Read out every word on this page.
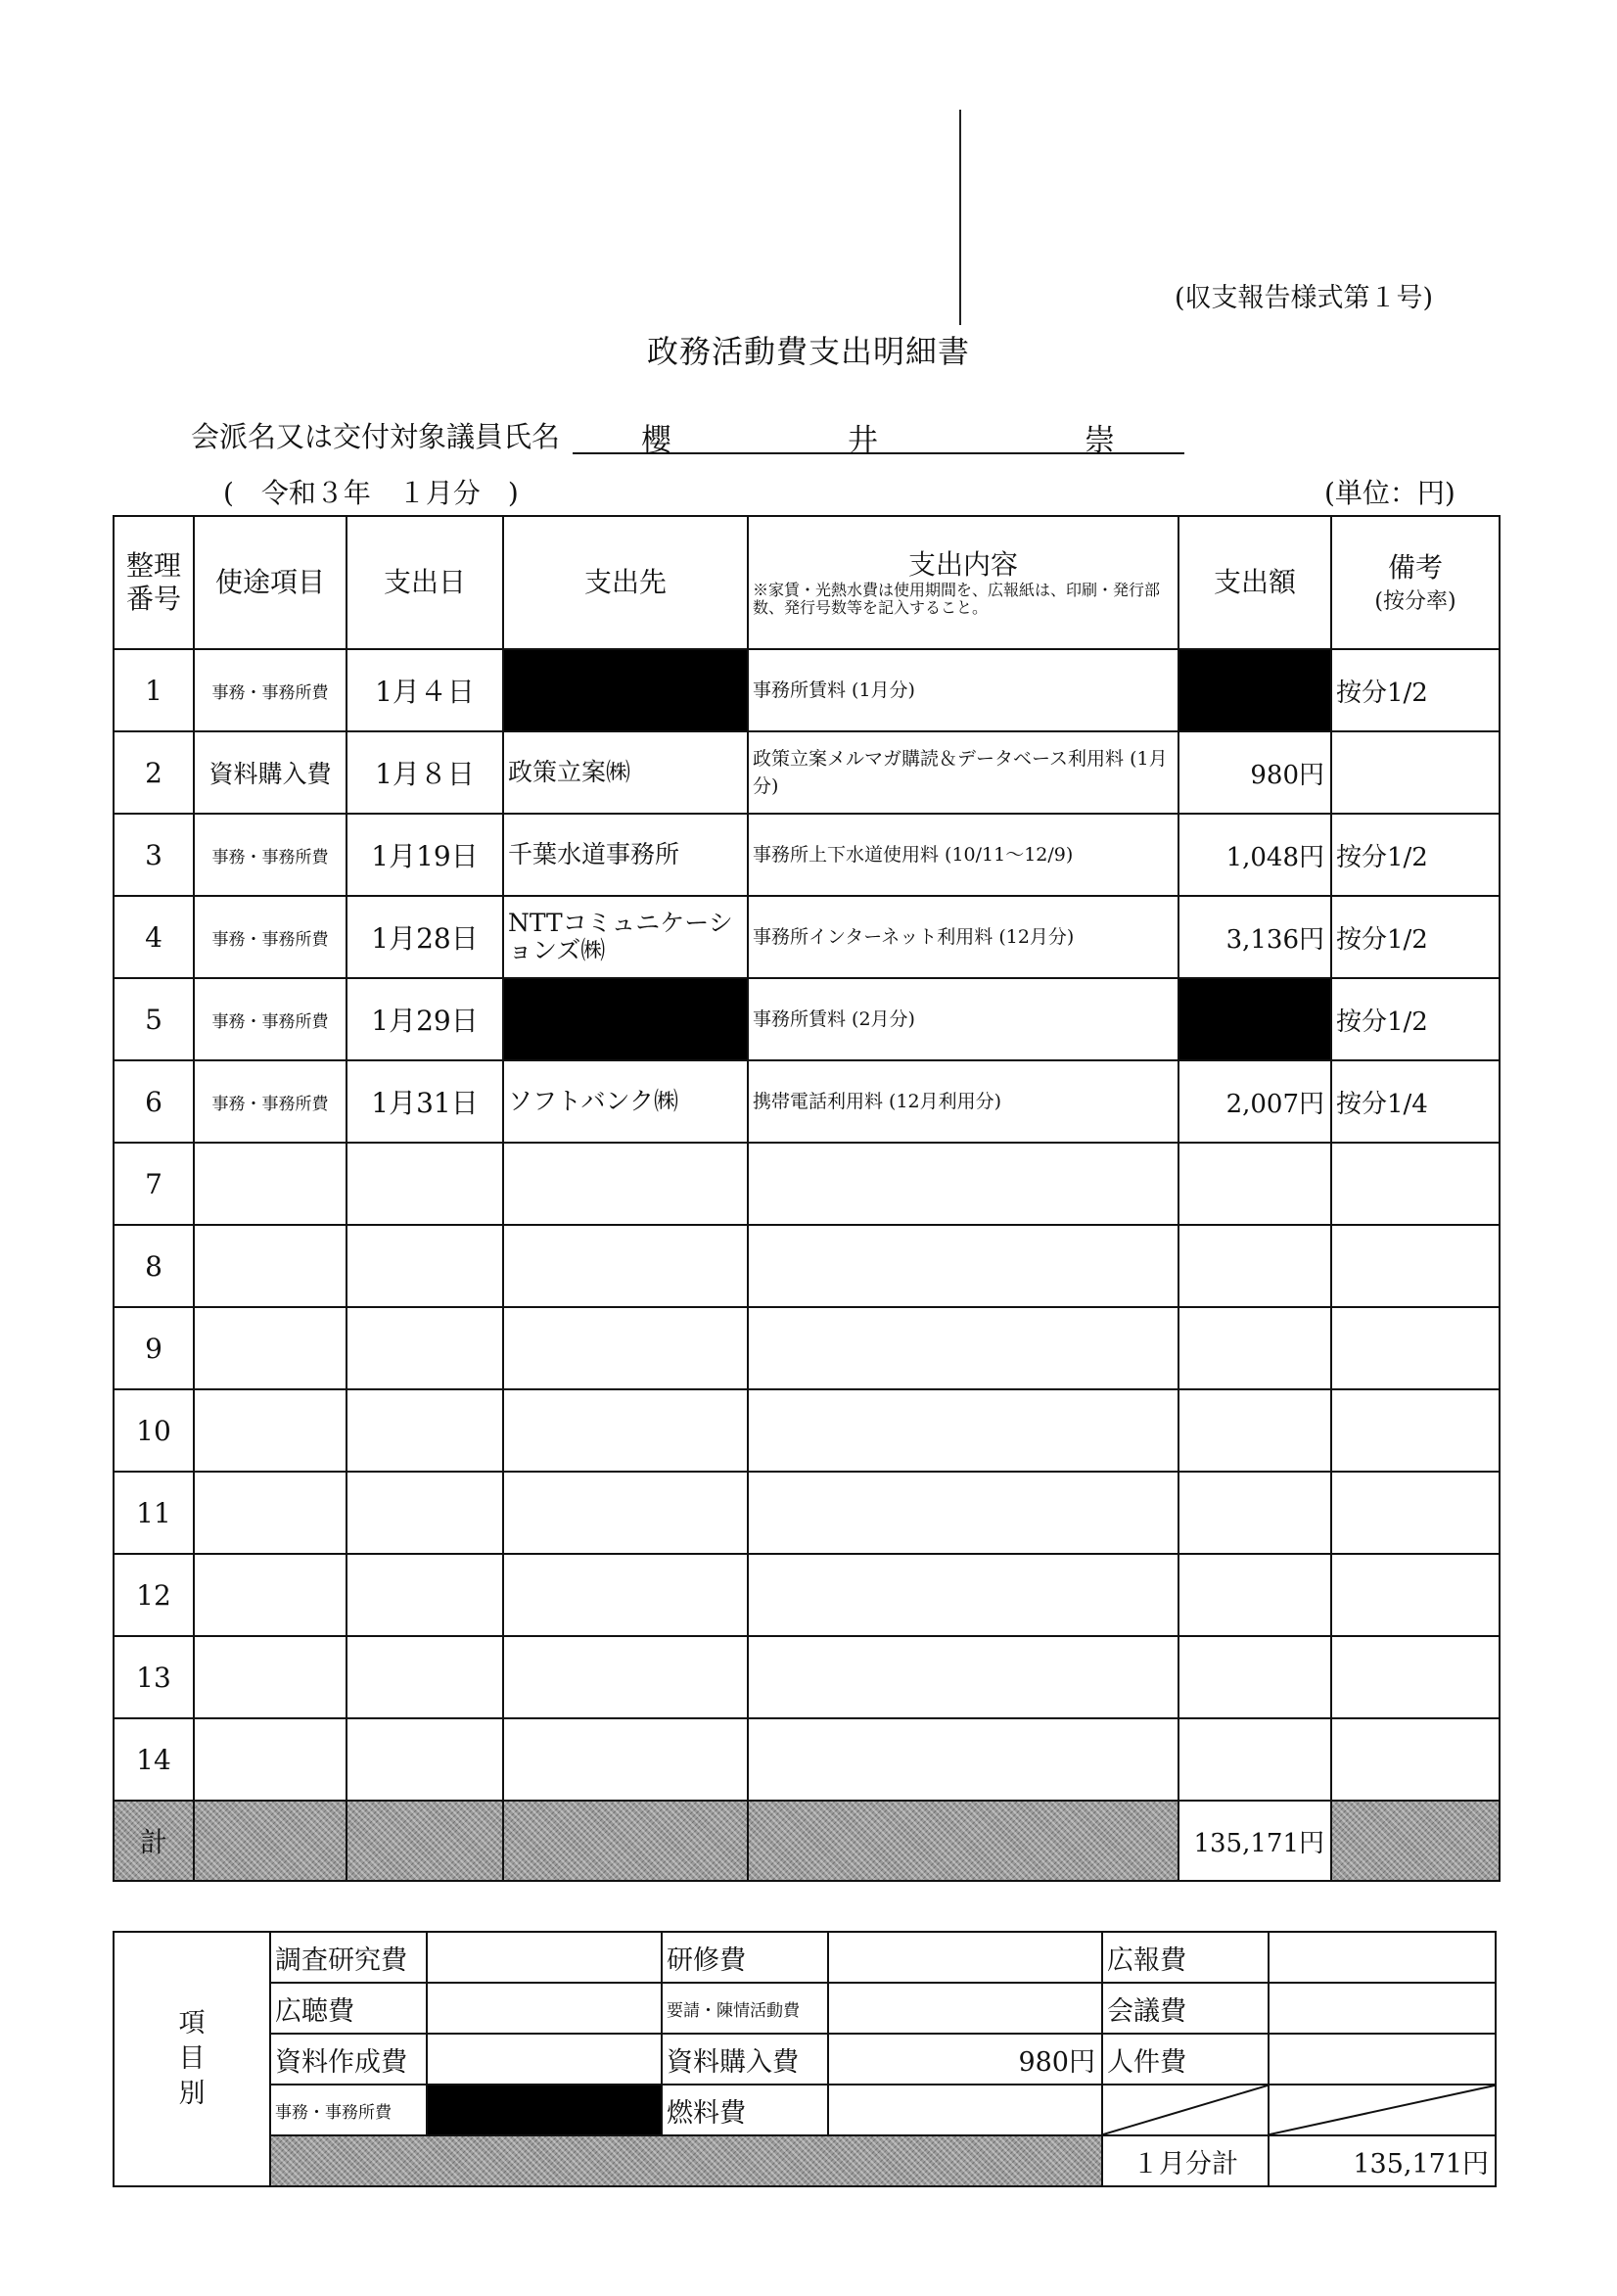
(収支報告様式第１号)
政務活動費支出明細書
会派名又は交付対象議員氏名	櫻	井	崇
(　令和３年　１月分　)	(単位：円)
整理番号	使途項目	支出日	支出先	支出内容
※家賃・光熱水費は使用期間を、広報紙は、印刷・発行部数、発行号数等を記入すること。	支出額	備考
(按分率)
1	事務・事務所費	1月４日		事務所賃料 (1月分)		按分1/2
2	資料購入費	1月８日	政策立案㈱	政策立案メルマガ購読＆データベース利用料 (1月分)	980円	
3	事務・事務所費	1月19日	千葉水道事務所	事務所上下水道使用料 (10/11～12/9)	1,048円	按分1/2
4	事務・事務所費	1月28日	NTTコミュニケーションズ㈱	事務所インターネット利用料 (12月分)	3,136円	按分1/2
5	事務・事務所費	1月29日		事務所賃料 (2月分)		按分1/2
6	事務・事務所費	1月31日	ソフトバンク㈱	携帯電話利用料 (12月利用分)	2,007円	按分1/4
7						
8						
9						
10						
11						
12						
13						
14						
計					135,171円	
項
目
別	調査研究費		研修費		広報費	
	広聴費		要請・陳情活動費		会議費	
	資料作成費		資料購入費	980円	人件費	
	事務・事務所費		燃料費		

					１月分計	135,171円
